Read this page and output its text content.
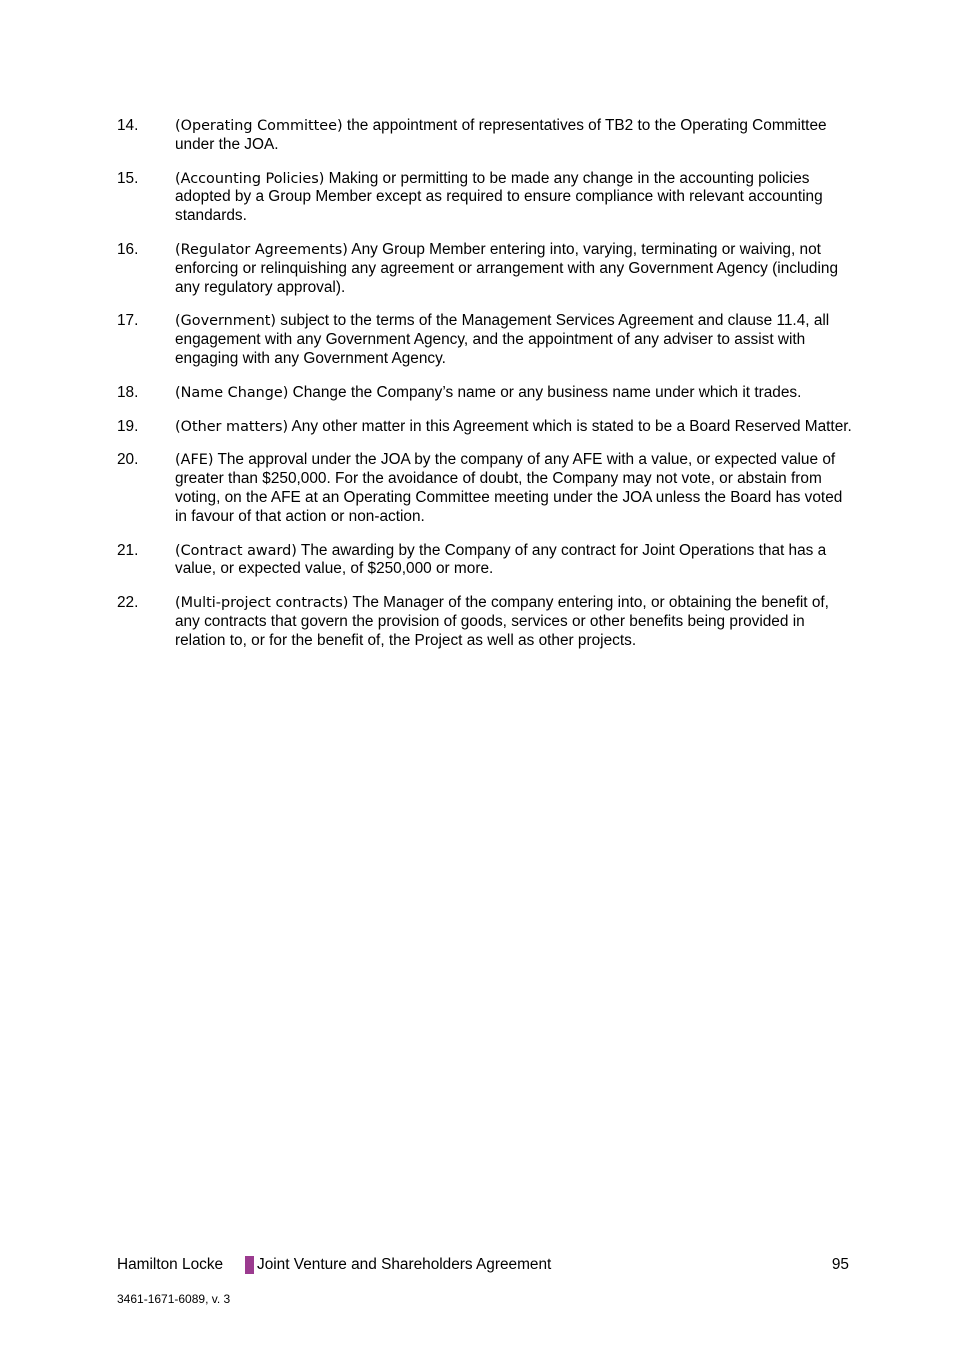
14.	(Operating Committee) the appointment of representatives of TB2 to the Operating Committee under the JOA.
15.	(Accounting Policies) Making or permitting to be made any change in the accounting policies adopted by a Group Member except as required to ensure compliance with relevant accounting standards.
16.	(Regulator Agreements) Any Group Member entering into, varying, terminating or waiving, not enforcing or relinquishing any agreement or arrangement with any Government Agency (including any regulatory approval).
17.	(Government) subject to the terms of the Management Services Agreement and clause 11.4, all engagement with any Government Agency, and the appointment of any adviser to assist with engaging with any Government Agency.
18.	(Name Change) Change the Company’s name or any business name under which it trades.
19.	(Other matters) Any other matter in this Agreement which is stated to be a Board Reserved Matter.
20.	(AFE) The approval under the JOA by the company of any AFE with a value, or expected value of greater than $250,000. For the avoidance of doubt, the Company may not vote, or abstain from voting, on the AFE at an Operating Committee meeting under the JOA unless the Board has voted in favour of that action or non-action.
21.	(Contract award) The awarding by the Company of any contract for Joint Operations that has a value, or expected value, of $250,000 or more.
22.	(Multi-project contracts) The Manager of the company entering into, or obtaining the benefit of, any contracts that govern the provision of goods, services or other benefits being provided in relation to, or for the benefit of, the Project as well as other projects.
Hamilton Locke Joint Venture and Shareholders Agreement	95
3461-1671-6089, v. 3
